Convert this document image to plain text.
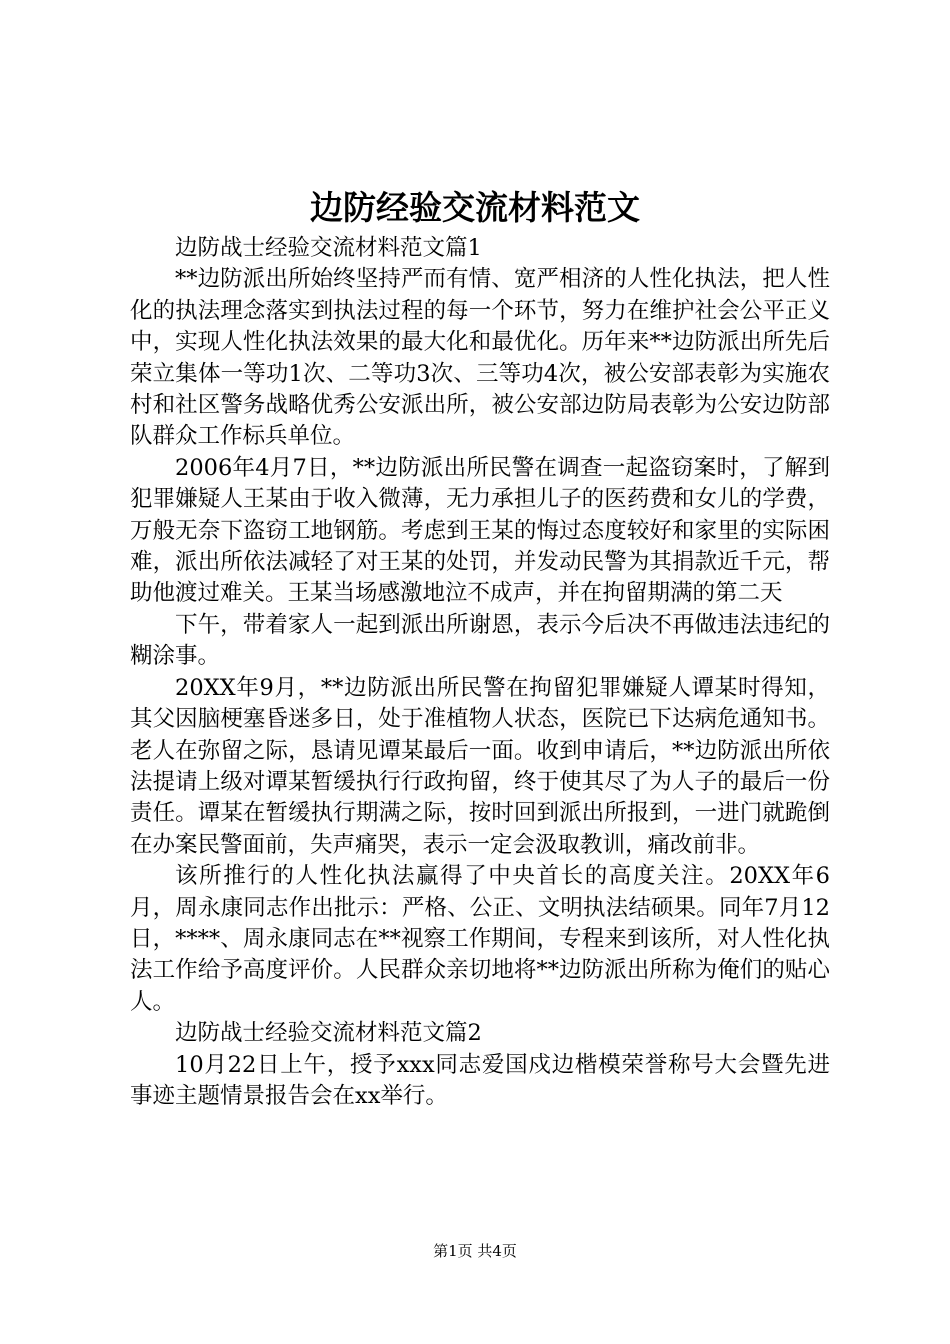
边防经验交流材料范文

边防战士经验交流材料范文篇1

**边防派出所始终坚持严而有情、宽严相济的人性化执法，把人性化的执法理念落实到执法过程的每一个环节，努力在维护社会公平正义中，实现人性化执法效果的最大化和最优化。历年来**边防派出所先后荣立集体一等功1次、二等功3次、三等功4次，被公安部表彰为实施农村和社区警务战略优秀公安派出所，被公安部边防局表彰为公安边防部队群众工作标兵单位。

2006年4月7日，**边防派出所民警在调查一起盗窃案时，了解到犯罪嫌疑人王某由于收入微薄，无力承担儿子的医药费和女儿的学费，万般无奈下盗窃工地钢筋。考虑到王某的悔过态度较好和家里的实际困难，派出所依法减轻了对王某的处罚，并发动民警为其捐款近千元，帮助他渡过难关。王某当场感激地泣不成声，并在拘留期满的第二天

下午，带着家人一起到派出所谢恩，表示今后决不再做违法违纪的糊涂事。

20XX年9月，**边防派出所民警在拘留犯罪嫌疑人谭某时得知，其父因脑梗塞昏迷多日，处于准植物人状态，医院已下达病危通知书。老人在弥留之际，恳请见谭某最后一面。收到申请后，**边防派出所依法提请上级对谭某暂缓执行行政拘留，终于使其尽了为人子的最后一份责任。谭某在暂缓执行期满之际，按时回到派出所报到，一进门就跪倒在办案民警面前，失声痛哭，表示一定会汲取教训，痛改前非。

该所推行的人性化执法赢得了中央首长的高度关注。20XX年6月，周永康同志作出批示：严格、公正、文明执法结硕果。同年7月12日，****、周永康同志在**视察工作期间，专程来到该所，对人性化执法工作给予高度评价。人民群众亲切地将**边防派出所称为俺们的贴心人。

边防战士经验交流材料范文篇2

10月22日上午，授予xxx同志爱国戍边楷模荣誉称号大会暨先进事迹主题情景报告会在xx举行。

第1页 共4页
